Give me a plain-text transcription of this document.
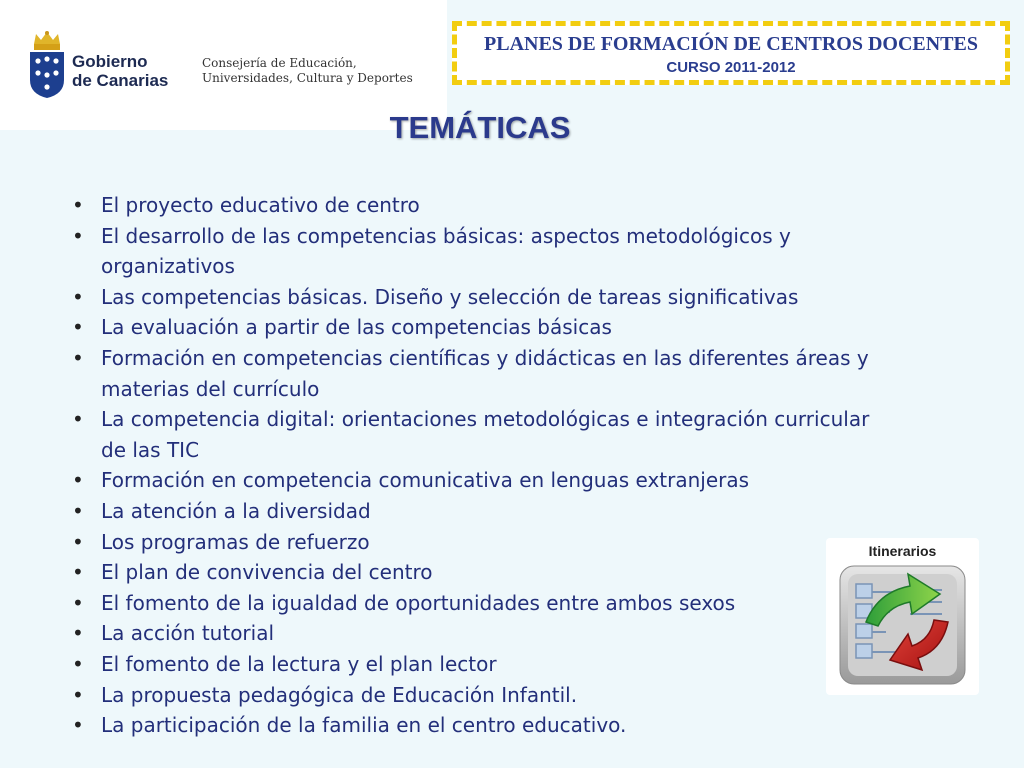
Gobierno
de Canarias
Consejería de Educación,
Universidades, Cultura y Deportes
PLANES DE FORMACIÓN DE CENTROS DOCENTES
CURSO 2011-2012
TEMÁTICAS
• El proyecto educativo de centro
• El desarrollo de las competencias básicas: aspectos metodológicos y organizativos
• Las competencias básicas. Diseño y selección de tareas significativas
• La evaluación a partir de las competencias básicas
• Formación en competencias científicas y didácticas en las diferentes áreas y materias del currículo
• La competencia digital: orientaciones metodológicas e integración curricular de las TIC
• Formación en competencia comunicativa en lenguas extranjeras
• La atención a la diversidad
• Los programas de refuerzo
• El plan de convivencia del centro
• El fomento de la igualdad de oportunidades entre ambos sexos
• La acción tutorial
• El fomento de la lectura y el plan lector
• La propuesta pedagógica de Educación Infantil.
• La participación de la familia en el centro educativo.
Itinerarios
